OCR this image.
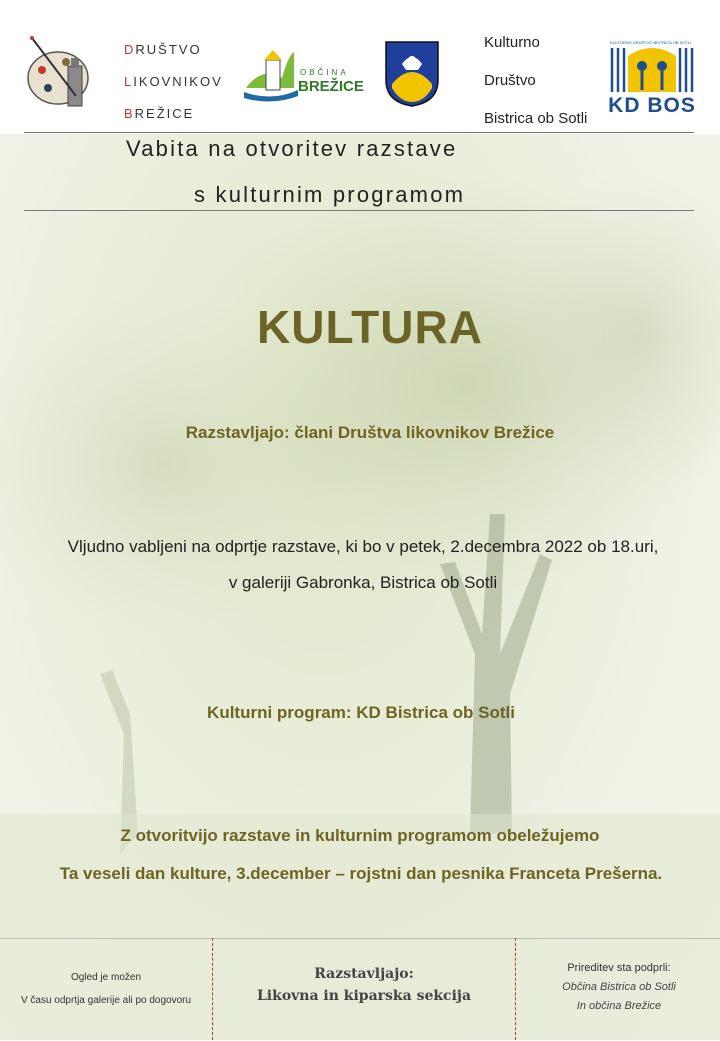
DRUŠTVO
LIKOVNIKOV
BREŽICE
OBČINA
BREŽICE
Kulturno
Društvo
Bistrica ob Sotli
KULTURNO DRUŠTVO BISTRICA OB SOTLI
KD BOS
Vabita na otvoritev razstave
s kulturnim programom
KULTURA
Razstavljajo: člani Društva likovnikov Brežice
Vljudno vabljeni na odprtje razstave, ki bo v petek, 2.decembra 2022 ob 18.uri,
v galeriji Gabronka, Bistrica ob Sotli
Kulturni program: KD Bistrica ob Sotli
Z otvoritvijo razstave in kulturnim programom obeležujemo
Ta veseli dan kulture, 3.december – rojstni dan pesnika Franceta Prešerna.
Ogled je možen
V času odprtja galerije ali po dogovoru
Razstavljajo:
Likovna in kiparska sekcija
Prireditev sta podprli:
Občina Bistrica ob Sotli
In občina Brežice
